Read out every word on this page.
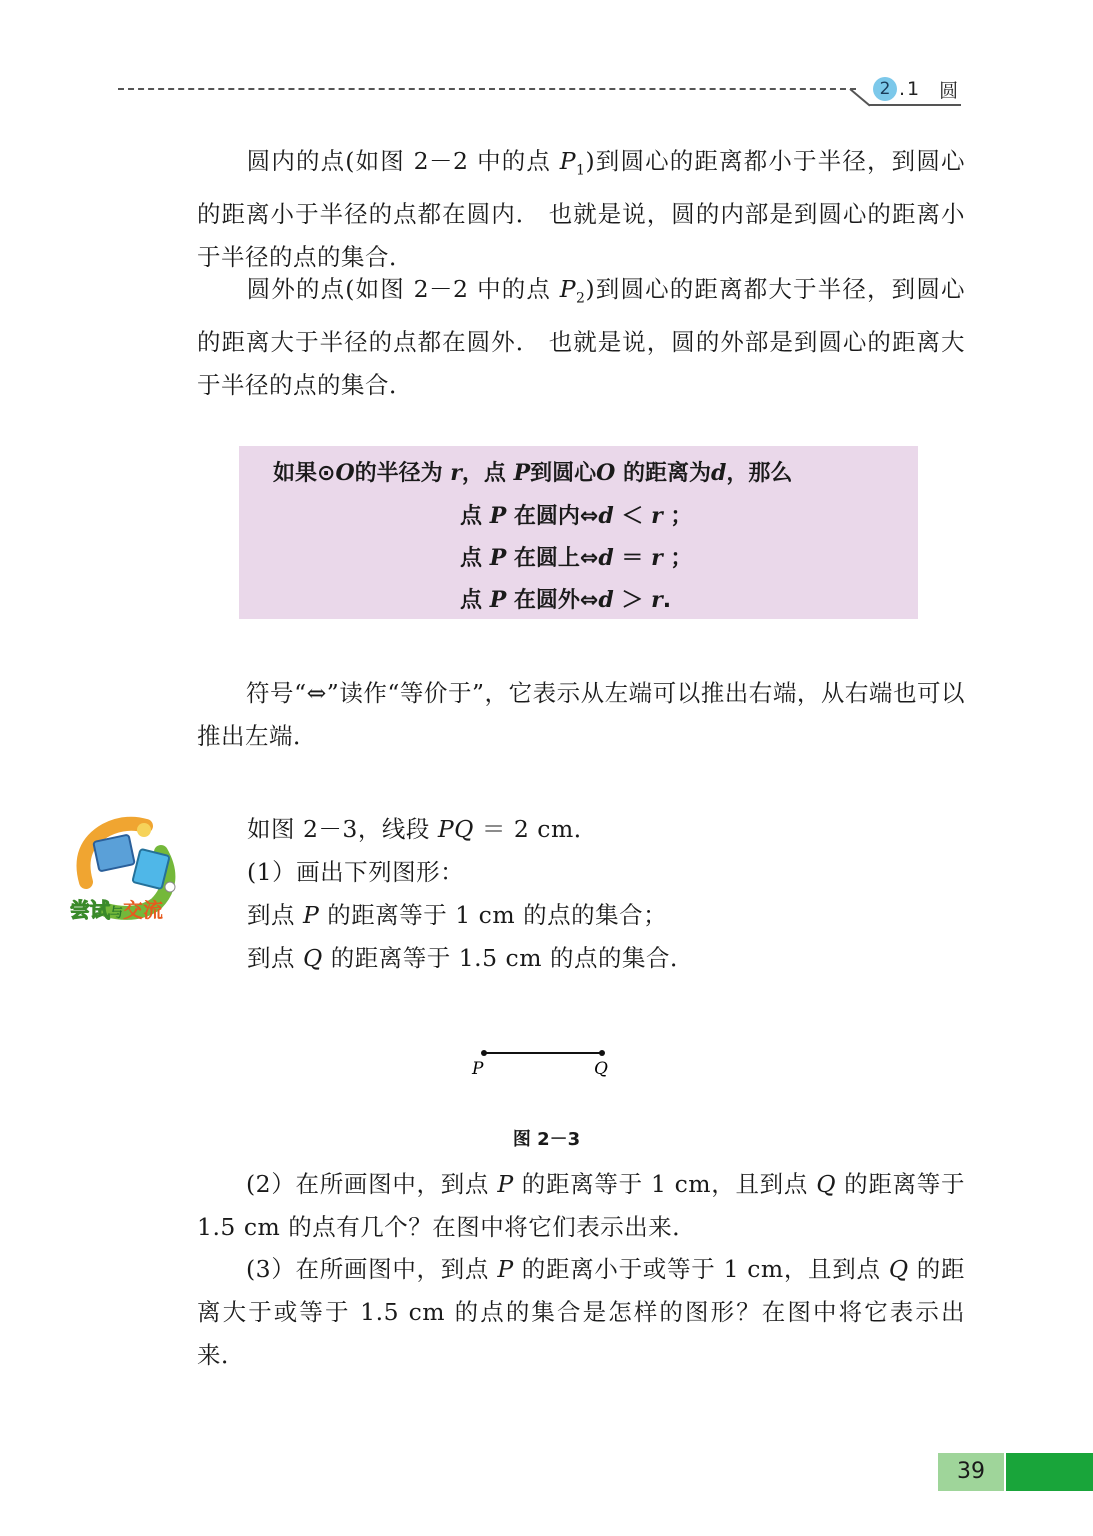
2 .1 圆
圆内的点(如图 2－2 中的点 $P_1$)到圆心的距离都小于半径，到圆心的距离小于半径的点都在圆内． 也就是说，圆的内部是到圆心的距离小于半径的点的集合．
圆外的点(如图 2－2 中的点 $P_2$)到圆心的距离都大于半径，到圆心的距离大于半径的点都在圆外． 也就是说，圆的外部是到圆心的距离大于半径的点的集合．
如果⊙O的半径为 r，点 P到圆心O 的距离为d，那么
点 P 在圆内⇔d ＜ r ；
点 P 在圆上⇔d ＝ r ；
点 P 在圆外⇔d ＞ r.
符号“⇔”读作“等价于”，它表示从左端可以推出右端，从右端也可以推出左端．
尝试与交流
如图 2－3，线段 PQ ＝ 2 cm．
(1）画出下列图形：
到点 P 的距离等于 1 cm 的点的集合；
到点 Q 的距离等于 1.5 cm 的点的集合．
P	Q
图 2－3
(2）在所画图中，到点 P 的距离等于 1 cm，且到点 Q 的距离等于 1.5 cm 的点有几个？在图中将它们表示出来．
(3）在所画图中，到点 P 的距离小于或等于 1 cm，且到点 Q 的距离大于或等于 1.5 cm 的点的集合是怎样的图形？在图中将它表示出来．
39
